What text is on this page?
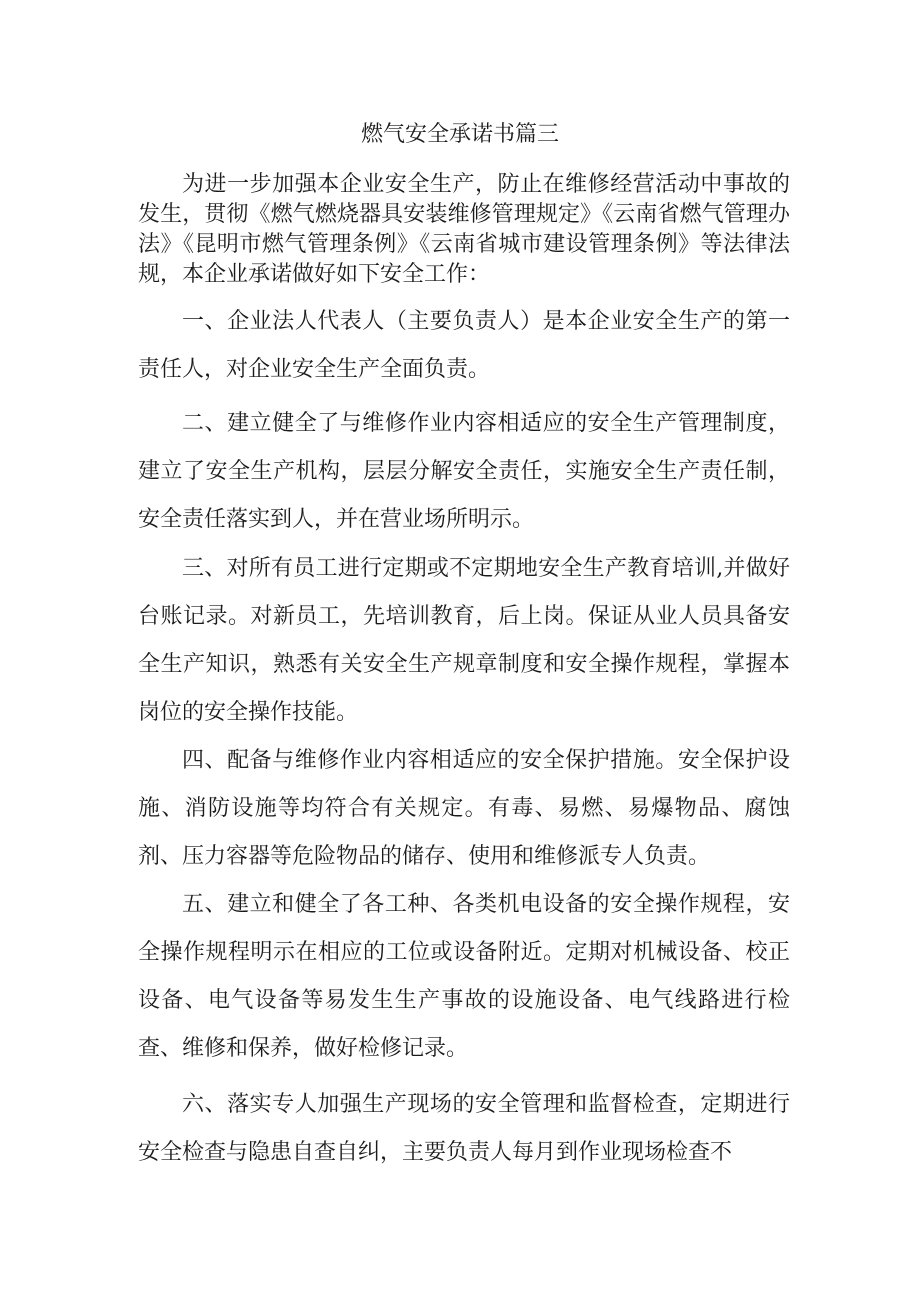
燃气安全承诺书篇三

为进一步加强本企业安全生产，防止在维修经营活动中事故的发生，贯彻《燃气燃烧器具安装维修管理规定》《云南省燃气管理办法》《昆明市燃气管理条例》《云南省城市建设管理条例》等法律法规，本企业承诺做好如下安全工作：

一、企业法人代表人（主要负责人）是本企业安全生产的第一责任人，对企业安全生产全面负责。

二、建立健全了与维修作业内容相适应的安全生产管理制度，建立了安全生产机构，层层分解安全责任，实施安全生产责任制，安全责任落实到人，并在营业场所明示。

三、对所有员工进行定期或不定期地安全生产教育培训,并做好台账记录。对新员工，先培训教育，后上岗。保证从业人员具备安全生产知识，熟悉有关安全生产规章制度和安全操作规程，掌握本岗位的安全操作技能。

四、配备与维修作业内容相适应的安全保护措施。安全保护设施、消防设施等均符合有关规定。有毒、易燃、易爆物品、腐蚀剂、压力容器等危险物品的储存、使用和维修派专人负责。

五、建立和健全了各工种、各类机电设备的安全操作规程，安全操作规程明示在相应的工位或设备附近。定期对机械设备、校正设备、电气设备等易发生生产事故的设施设备、电气线路进行检查、维修和保养，做好检修记录。

六、落实专人加强生产现场的安全管理和监督检查，定期进行安全检查与隐患自查自纠，主要负责人每月到作业现场检查不
